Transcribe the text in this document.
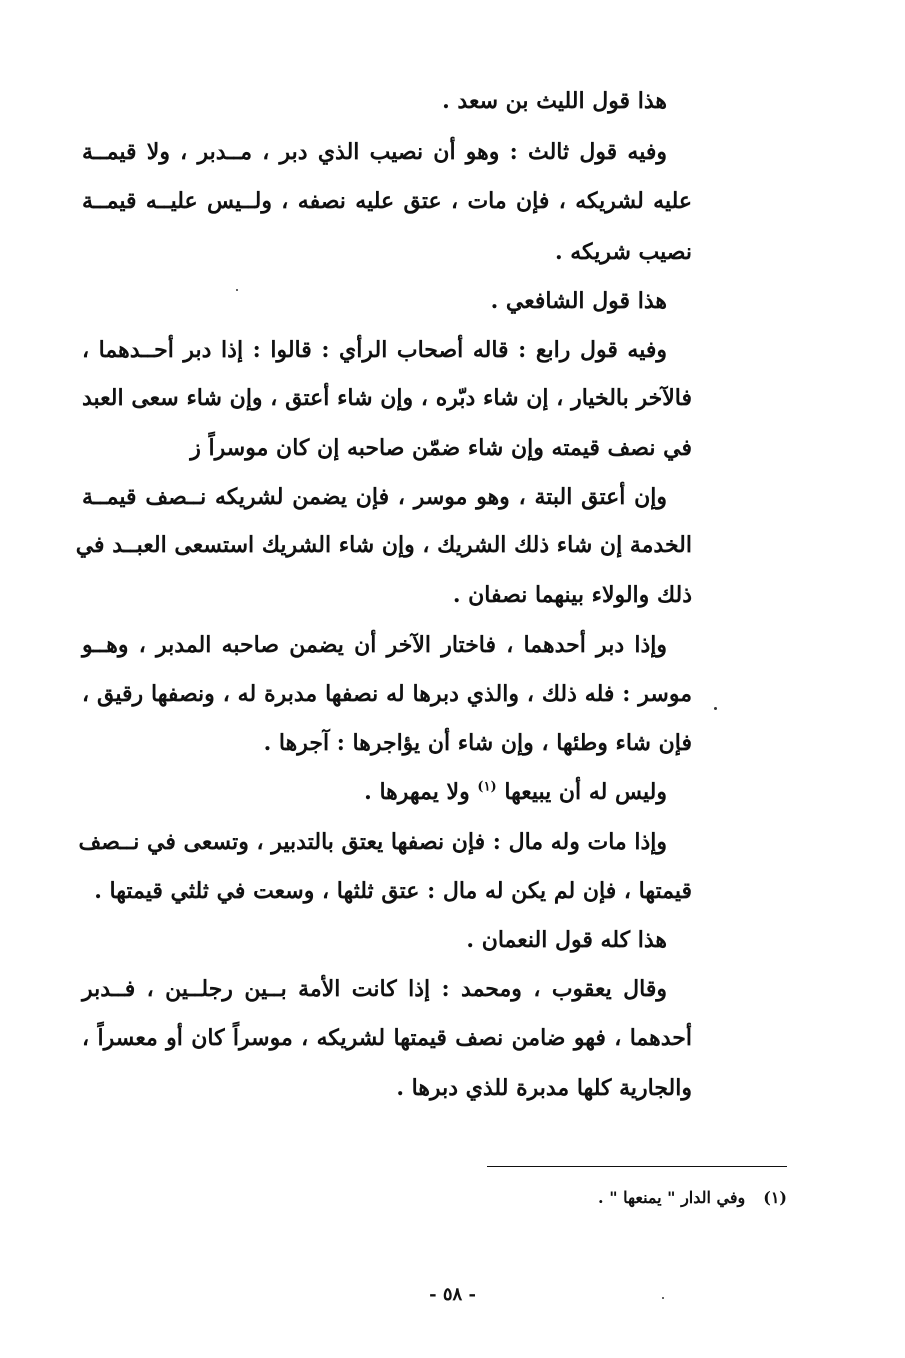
هذا قول الليث بن سعد .
وفيه قول ثالث : وهو أن نصيب الذي دبر ، مــدبر ، ولا قيمــة
عليه لشريكه ، فإن مات ، عتق عليه نصفه ، ولــيس عليــه قيمــة
نصيب شريكه .
هذا قول الشافعي .
وفيه قول رابع : قاله أصحاب الرأي : قالوا : إذا دبر أحــدهما ،
فالآخر بالخيار ، إن شاء دبّره ، وإن شاء أعتق ، وإن شاء سعى العبد
في نصف قيمته وإن شاء ضمّن صاحبه إن كان موسراً ز
وإن أعتق البتة ، وهو موسر ، فإن يضمن لشريكه نــصف قيمــة
الخدمة إن شاء ذلك الشريك ، وإن شاء الشريك استسعى العبــد في
ذلك والولاء بينهما نصفان .
وإذا دبر أحدهما ، فاختار الآخر أن يضمن صاحبه المدبر ، وهــو
موسر : فله ذلك ، والذي دبرها له نصفها مدبرة له ، ونصفها رقيق ،
فإن شاء وطئها ، وإن شاء أن يؤاجرها : آجرها .
وليس له أن يبيعها $^{(١)}$ ولا يمهرها .
وإذا مات وله مال : فإن نصفها يعتق بالتدبير ، وتسعى في نــصف
قيمتها ، فإن لم يكن له مال : عتق ثلثها ، وسعت في ثلثي قيمتها .
هذا كله قول النعمان .
وقال يعقوب ، ومحمد : إذا كانت الأمة بــين رجلــين ، فــدبر
أحدهما ، فهو ضامن نصف قيمتها لشريكه ، موسراً كان أو معسراً ،
والجارية كلها مدبرة للذي دبرها .
(١)وفي الدار " يمنعها " .
- ٥٨ -
